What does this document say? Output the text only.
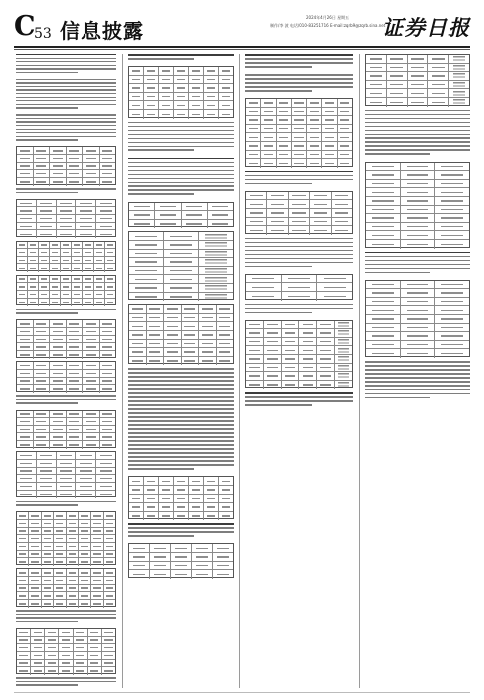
C
53 信息披露
2024年4月26日 星期五
制作/李 波 电话/010-83251716 E-mail:zqrb9@zqrb.sina.net
证券日报
